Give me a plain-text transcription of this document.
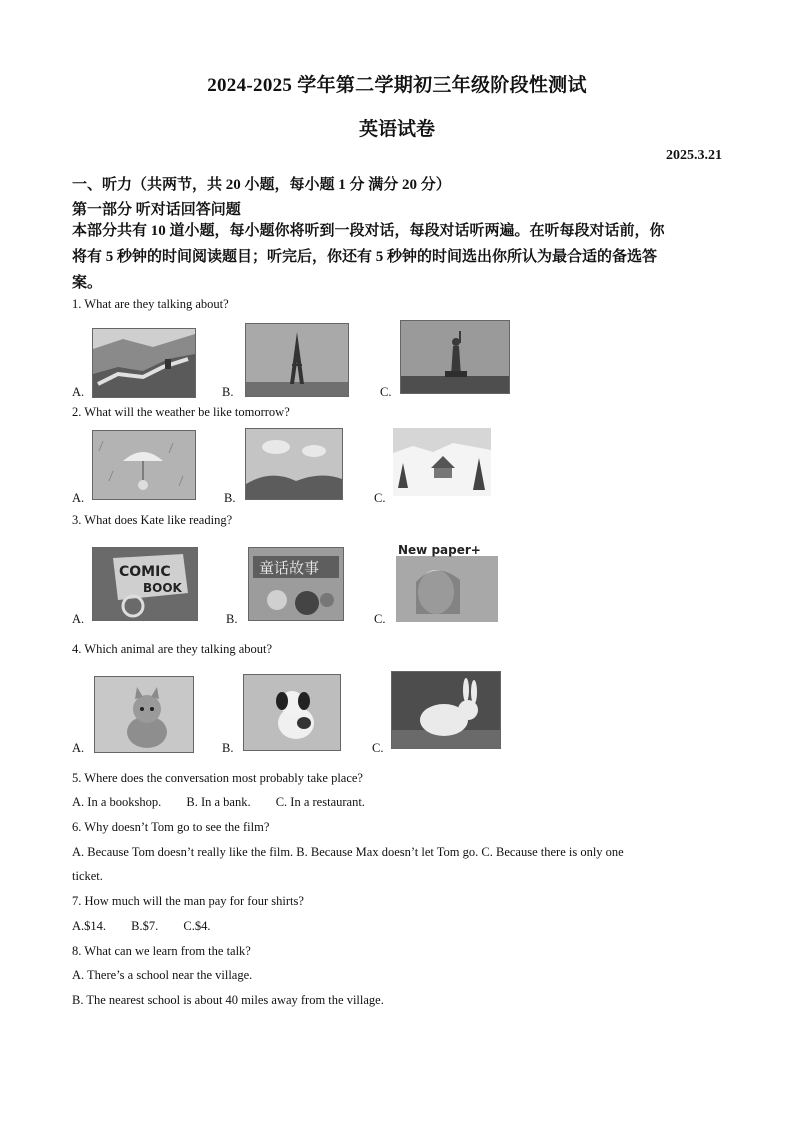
2024-2025 学年第二学期初三年级阶段性测试
英语试卷
2025.3.21
一、听力（共两节，共 20 小题，每小题 1 分 满分 20 分）
第一部分 听对话回答问题
本部分共有 10 道小题，每小题你将听到一段对话，每段对话听两遍。在听每段对话前，你
将有 5 秒钟的时间阅读题目；听完后，你还有 5 秒钟的时间选出你所认为最合适的备选答
案。
1. What are they talking about?
A.	B.	C.
2. What will the weather be like tomorrow?
A.	B.	C.
3. What does Kate like reading?
A.
COMIC
BOOK
B.
童话故事
C.
New paper+
4. Which animal are they talking about?
A.	B.	C.
5. Where does the conversation most probably take place?
A. In a bookshop. B. In a bank. C. In a restaurant.
6. Why doesn’t Tom go to see the film?
A. Because Tom doesn’t really like the film. B. Because Max doesn’t let Tom go. C. Because there is only one
ticket.
7. How much will the man pay for four shirts?
A.$14. B.$7. C.$4.
8. What can we learn from the talk?
A. There’s a school near the village.
B. The nearest school is about 40 miles away from the village.
